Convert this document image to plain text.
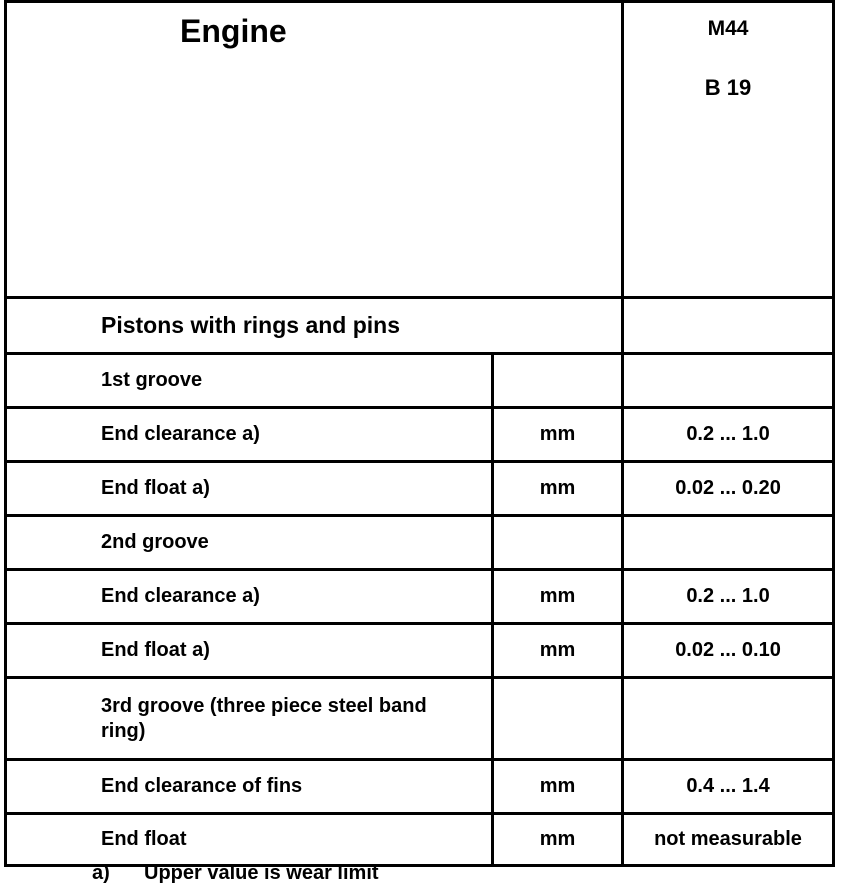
Engine		M44
B 19

Pistons with rings and pins		
1st groove		
End clearance a)	mm	0.2 ... 1.0
End float a)	mm	0.02 ... 0.20
2nd groove		
End clearance a)	mm	0.2 ... 1.0
End float a)	mm	0.02 ... 0.10
3rd groove (three piece steel band ring)		
End clearance of fins	mm	0.4 ... 1.4
End float	mm	not measurable
a) Upper value is wear limit
